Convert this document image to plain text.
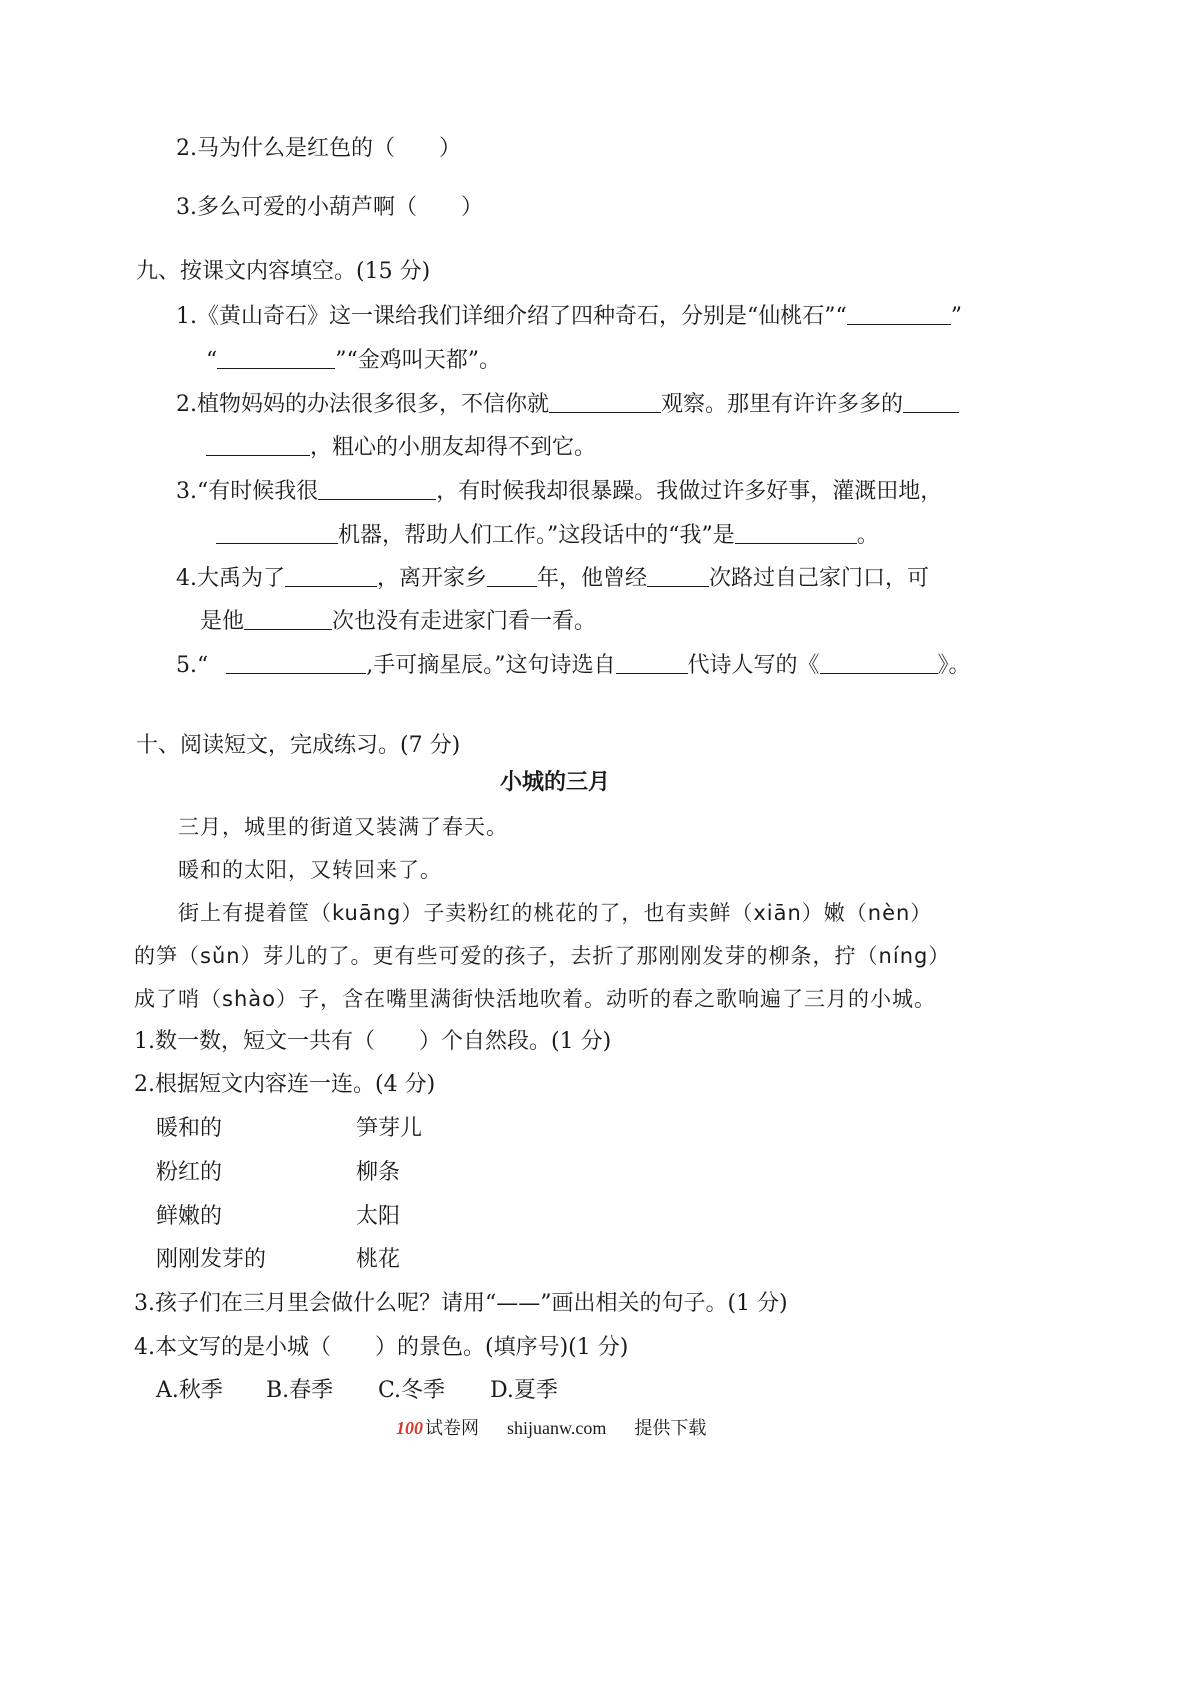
2.马为什么是红色的（　　）
3.多么可爱的小葫芦啊（　　）
九、按课文内容填空。(15 分)
1.《黄山奇石》这一课给我们详细介绍了四种奇石，分别是“仙桃石”“	”
“	”“金鸡叫天都”。
2.植物妈妈的办法很多很多，不信你就	观察。那里有许许多多的
，粗心的小朋友却得不到它。
3.“有时候我很	，有时候我却很暴躁。我做过许多好事，灌溉田地，
机器，帮助人们工作。”这段话中的“我”是	。
4.大禹为了	，离开家乡 年，他曾经	次路过自己家门口，可
是他	次也没有走进家门看一看。
5.“	,手可摘星辰。”这句诗选自	代诗人写的《	》。
十、阅读短文，完成练习。(7 分)
小城的三月
三月，城里的街道又装满了春天。
暖和的太阳，又转回来了。
街上有提着筐（kuāng）子卖粉红的桃花的了，也有卖鲜（xiān）嫩（nèn）
的笋（sǔn）芽儿的了。更有些可爱的孩子，去折了那刚刚发芽的柳条，拧（níng）
成了哨（shào）子，含在嘴里满街快活地吹着。动听的春之歌响遍了三月的小城。
1.数一数，短文一共有（　　）个自然段。(1 分)
2.根据短文内容连一连。(4 分)
暖和的	笋芽儿
粉红的	柳条
鲜嫩的	太阳
刚刚发芽的	桃花
3.孩子们在三月里会做什么呢？请用“——”画出相关的句子。(1 分)
4.本文写的是小城（　　）的景色。(填序号)(1 分)
A.秋季 B.春季 C.冬季 D.夏季
100 试卷网 shijuanw.com 提供下载
